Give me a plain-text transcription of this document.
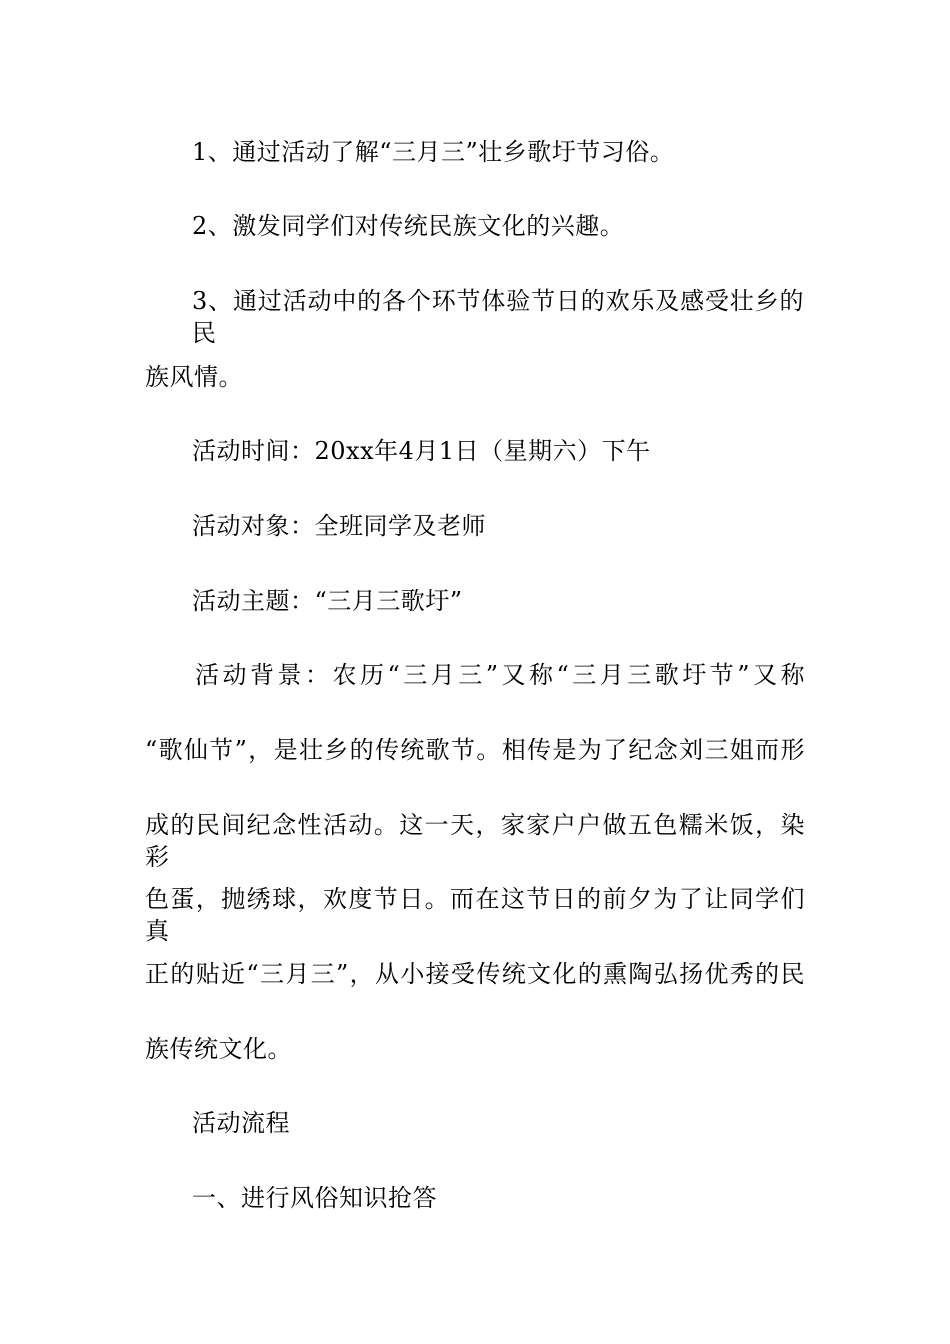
1、通过活动了解“三月三”壮乡歌圩节习俗。
2、激发同学们对传统民族文化的兴趣。
3、通过活动中的各个环节体验节日的欢乐及感受壮乡的民
族风情。
活动时间：20xx年4月1日（星期六）下午
活动对象：全班同学及老师
活动主题：“三月三歌圩”
活动背景：农历“三月三”又称“三月三歌圩节”又称
“歌仙节”，是壮乡的传统歌节。相传是为了纪念刘三姐而形
成的民间纪念性活动。这一天，家家户户做五色糯米饭，染彩
色蛋，抛绣球，欢度节日。而在这节日的前夕为了让同学们真
正的贴近“三月三”，从小接受传统文化的熏陶弘扬优秀的民
族传统文化。
活动流程
一、进行风俗知识抢答
